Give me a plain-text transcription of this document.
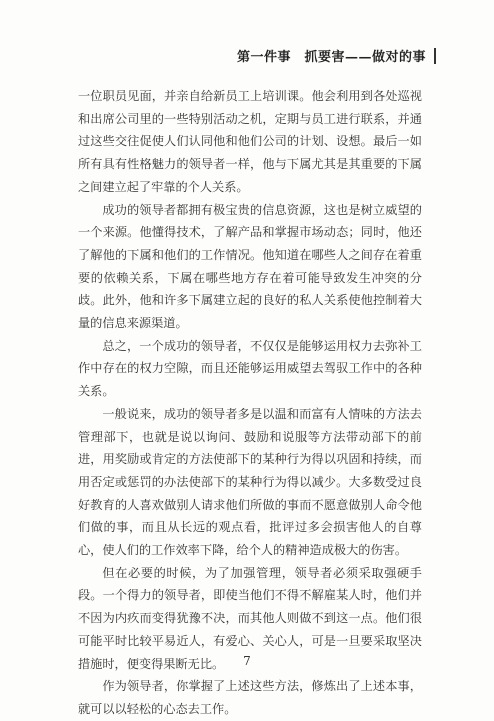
第一件事　抓要害——做对的事

一位职员见面，并亲自给新员工上培训课。他会利用到各处巡视和出席公司里的一些特别活动之机，定期与员工进行联系，并通过这些交往促使人们认同他和他们公司的计划、设想。最后一如所有具有性格魅力的领导者一样，他与下属尤其是其重要的下属之间建立起了牢靠的个人关系。

成功的领导者都拥有极宝贵的信息资源，这也是树立威望的一个来源。他懂得技术，了解产品和掌握市场动态；同时，他还了解他的下属和他们的工作情况。他知道在哪些人之间存在着重要的依赖关系，下属在哪些地方存在着可能导致发生冲突的分歧。此外，他和许多下属建立起的良好的私人关系使他控制着大量的信息来源渠道。

总之，一个成功的领导者，不仅仅是能够运用权力去弥补工作中存在的权力空隙，而且还能够运用威望去驾驭工作中的各种关系。

一般说来，成功的领导者多是以温和而富有人情味的方法去管理部下，也就是说以询问、鼓励和说服等方法带动部下的前进，用奖励或肯定的方法使部下的某种行为得以巩固和持续，而用否定或惩罚的办法使部下的某种行为得以减少。大多数受过良好教育的人喜欢做别人请求他们所做的事而不愿意做别人命令他们做的事，而且从长远的观点看，批评过多会损害他人的自尊心，使人们的工作效率下降，给个人的精神造成极大的伤害。

但在必要的时候，为了加强管理，领导者必须采取强硬手段。一个得力的领导者，即使当他们不得不解雇某人时，他们并不因为内疚而变得犹豫不决，而其他人则做不到这一点。他们很可能平时比较平易近人，有爱心、关心人，可是一旦要采取坚决措施时，便变得果断无比。

作为领导者，你掌握了上述这些方法，修炼出了上述本事，就可以以轻松的心态去工作。

7
